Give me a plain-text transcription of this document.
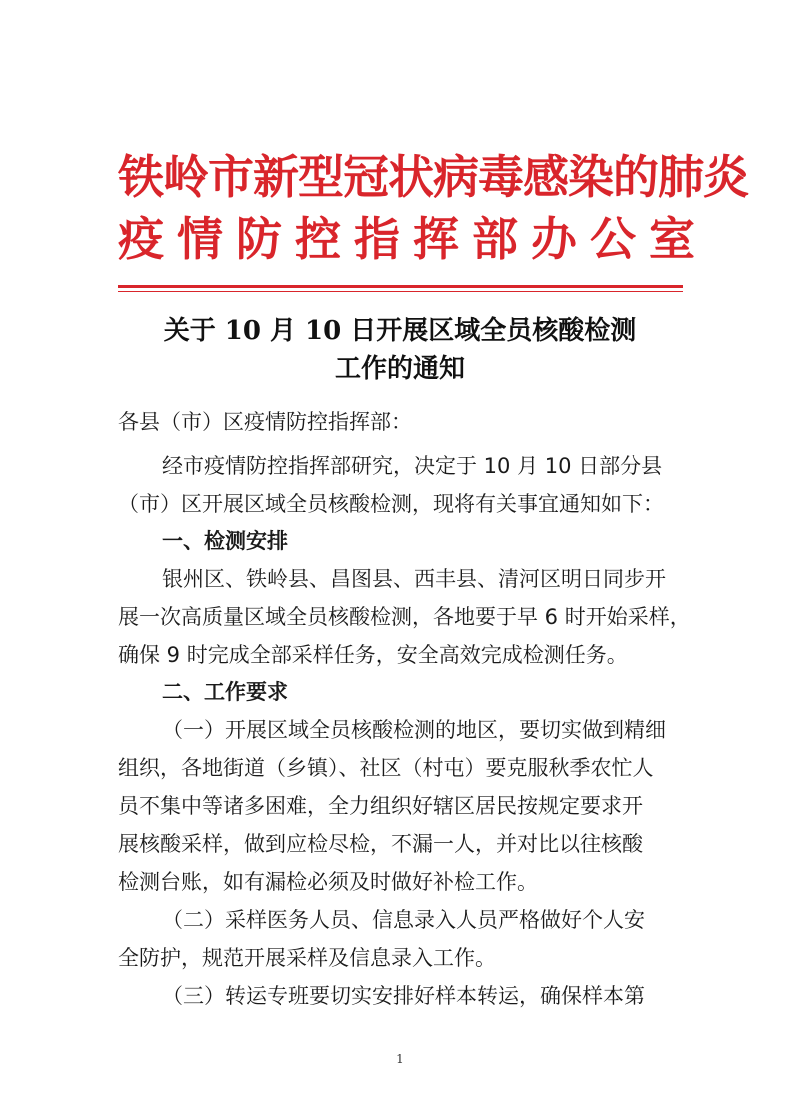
铁岭市新型冠状病毒感染的肺炎
疫情防控指挥部办公室
关于 10 月 10 日开展区域全员核酸检测
工作的通知
各县（市）区疫情防控指挥部：
经市疫情防控指挥部研究，决定于 10 月 10 日部分县
（市）区开展区域全员核酸检测，现将有关事宜通知如下：
一、检测安排
银州区、铁岭县、昌图县、西丰县、清河区明日同步开
展一次高质量区域全员核酸检测，各地要于早 6 时开始采样，
确保 9 时完成全部采样任务，安全高效完成检测任务。
二、工作要求
（一）开展区域全员核酸检测的地区，要切实做到精细
组织，各地街道（乡镇）、社区（村屯）要克服秋季农忙人
员不集中等诸多困难，全力组织好辖区居民按规定要求开
展核酸采样，做到应检尽检，不漏一人，并对比以往核酸
检测台账，如有漏检必须及时做好补检工作。
（二）采样医务人员、信息录入人员严格做好个人安
全防护，规范开展采样及信息录入工作。
（三）转运专班要切实安排好样本转运，确保样本第
1
